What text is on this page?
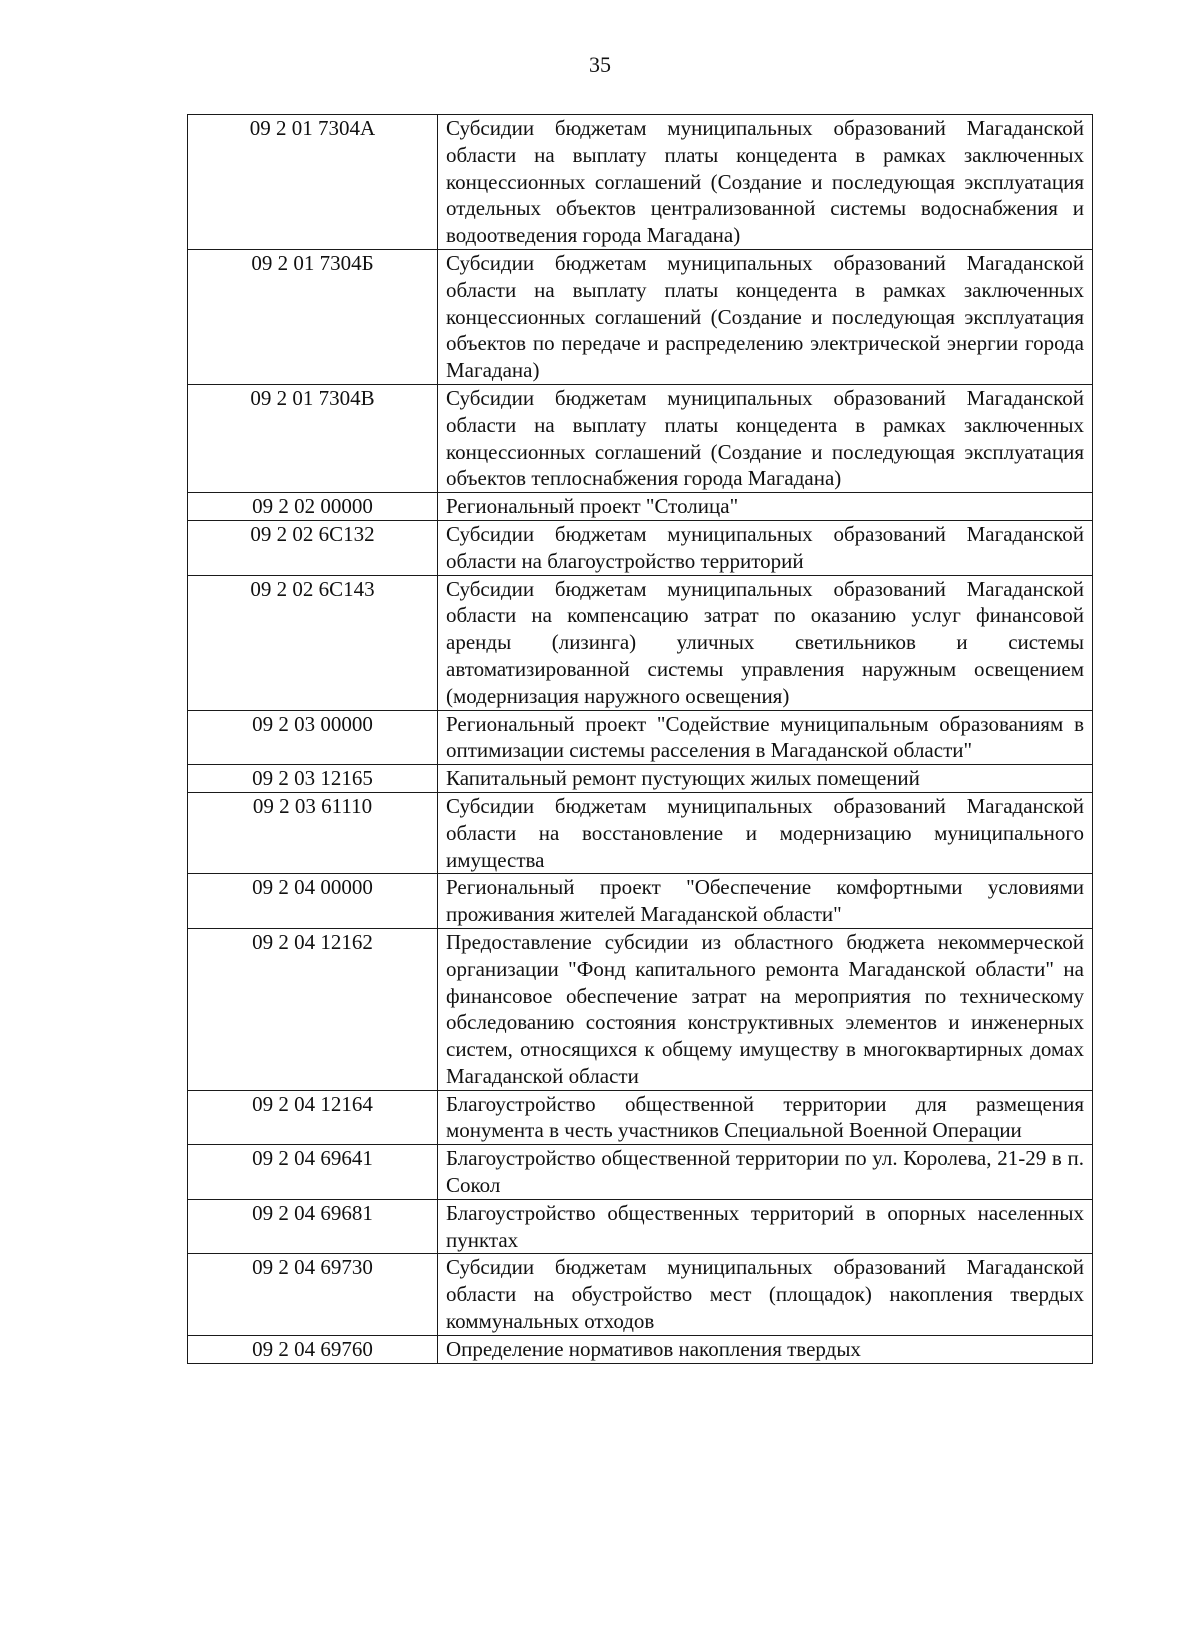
35
09 2 01 7304А	Субсидии бюджетам муниципальных образований Магаданской области на выплату платы концедента в рамках заключенных концессионных соглашений (Создание и последующая эксплуатация отдельных объектов централизованной системы водоснабжения и водоотведения города Магадана)
09 2 01 7304Б	Субсидии бюджетам муниципальных образований Магаданской области на выплату платы концедента в рамках заключенных концессионных соглашений (Создание и последующая эксплуатация объектов по передаче и распределению электрической энергии города Магадана)
09 2 01 7304В	Субсидии бюджетам муниципальных образований Магаданской области на выплату платы концедента в рамках заключенных концессионных соглашений (Создание и последующая эксплуатация объектов теплоснабжения города Магадана)
09 2 02 00000	Региональный проект "Столица"
09 2 02 6С132	Субсидии бюджетам муниципальных образований Магаданской области на благоустройство территорий
09 2 02 6С143	Субсидии бюджетам муниципальных образований Магаданской области на компенсацию затрат по оказанию услуг финансовой аренды (лизинга) уличных светильников и системы автоматизированной системы управления наружным освещением (модернизация наружного освещения)
09 2 03 00000	Региональный проект "Содействие муниципальным образованиям в оптимизации системы расселения в Магаданской области"
09 2 03 12165	Капитальный ремонт пустующих жилых помещений
09 2 03 61110	Субсидии бюджетам муниципальных образований Магаданской области на восстановление и модернизацию муниципального имущества
09 2 04 00000	Региональный проект "Обеспечение комфортными условиями проживания жителей Магаданской области"
09 2 04 12162	Предоставление субсидии из областного бюджета некоммерческой организации "Фонд капитального ремонта Магаданской области" на финансовое обеспечение затрат на мероприятия по техническому обследованию состояния конструктивных элементов и инженерных систем, относящихся к общему имуществу в многоквартирных домах Магаданской области
09 2 04 12164	Благоустройство общественной территории для размещения монумента в честь участников Специальной Военной Операции
09 2 04 69641	Благоустройство общественной территории по ул. Королева, 21-29 в п. Сокол
09 2 04 69681	Благоустройство общественных территорий в опорных населенных пунктах
09 2 04 69730	Субсидии бюджетам муниципальных образований Магаданской области на обустройство мест (площадок) накопления твердых коммунальных отходов
09 2 04 69760	Определение нормативов накопления твердых
